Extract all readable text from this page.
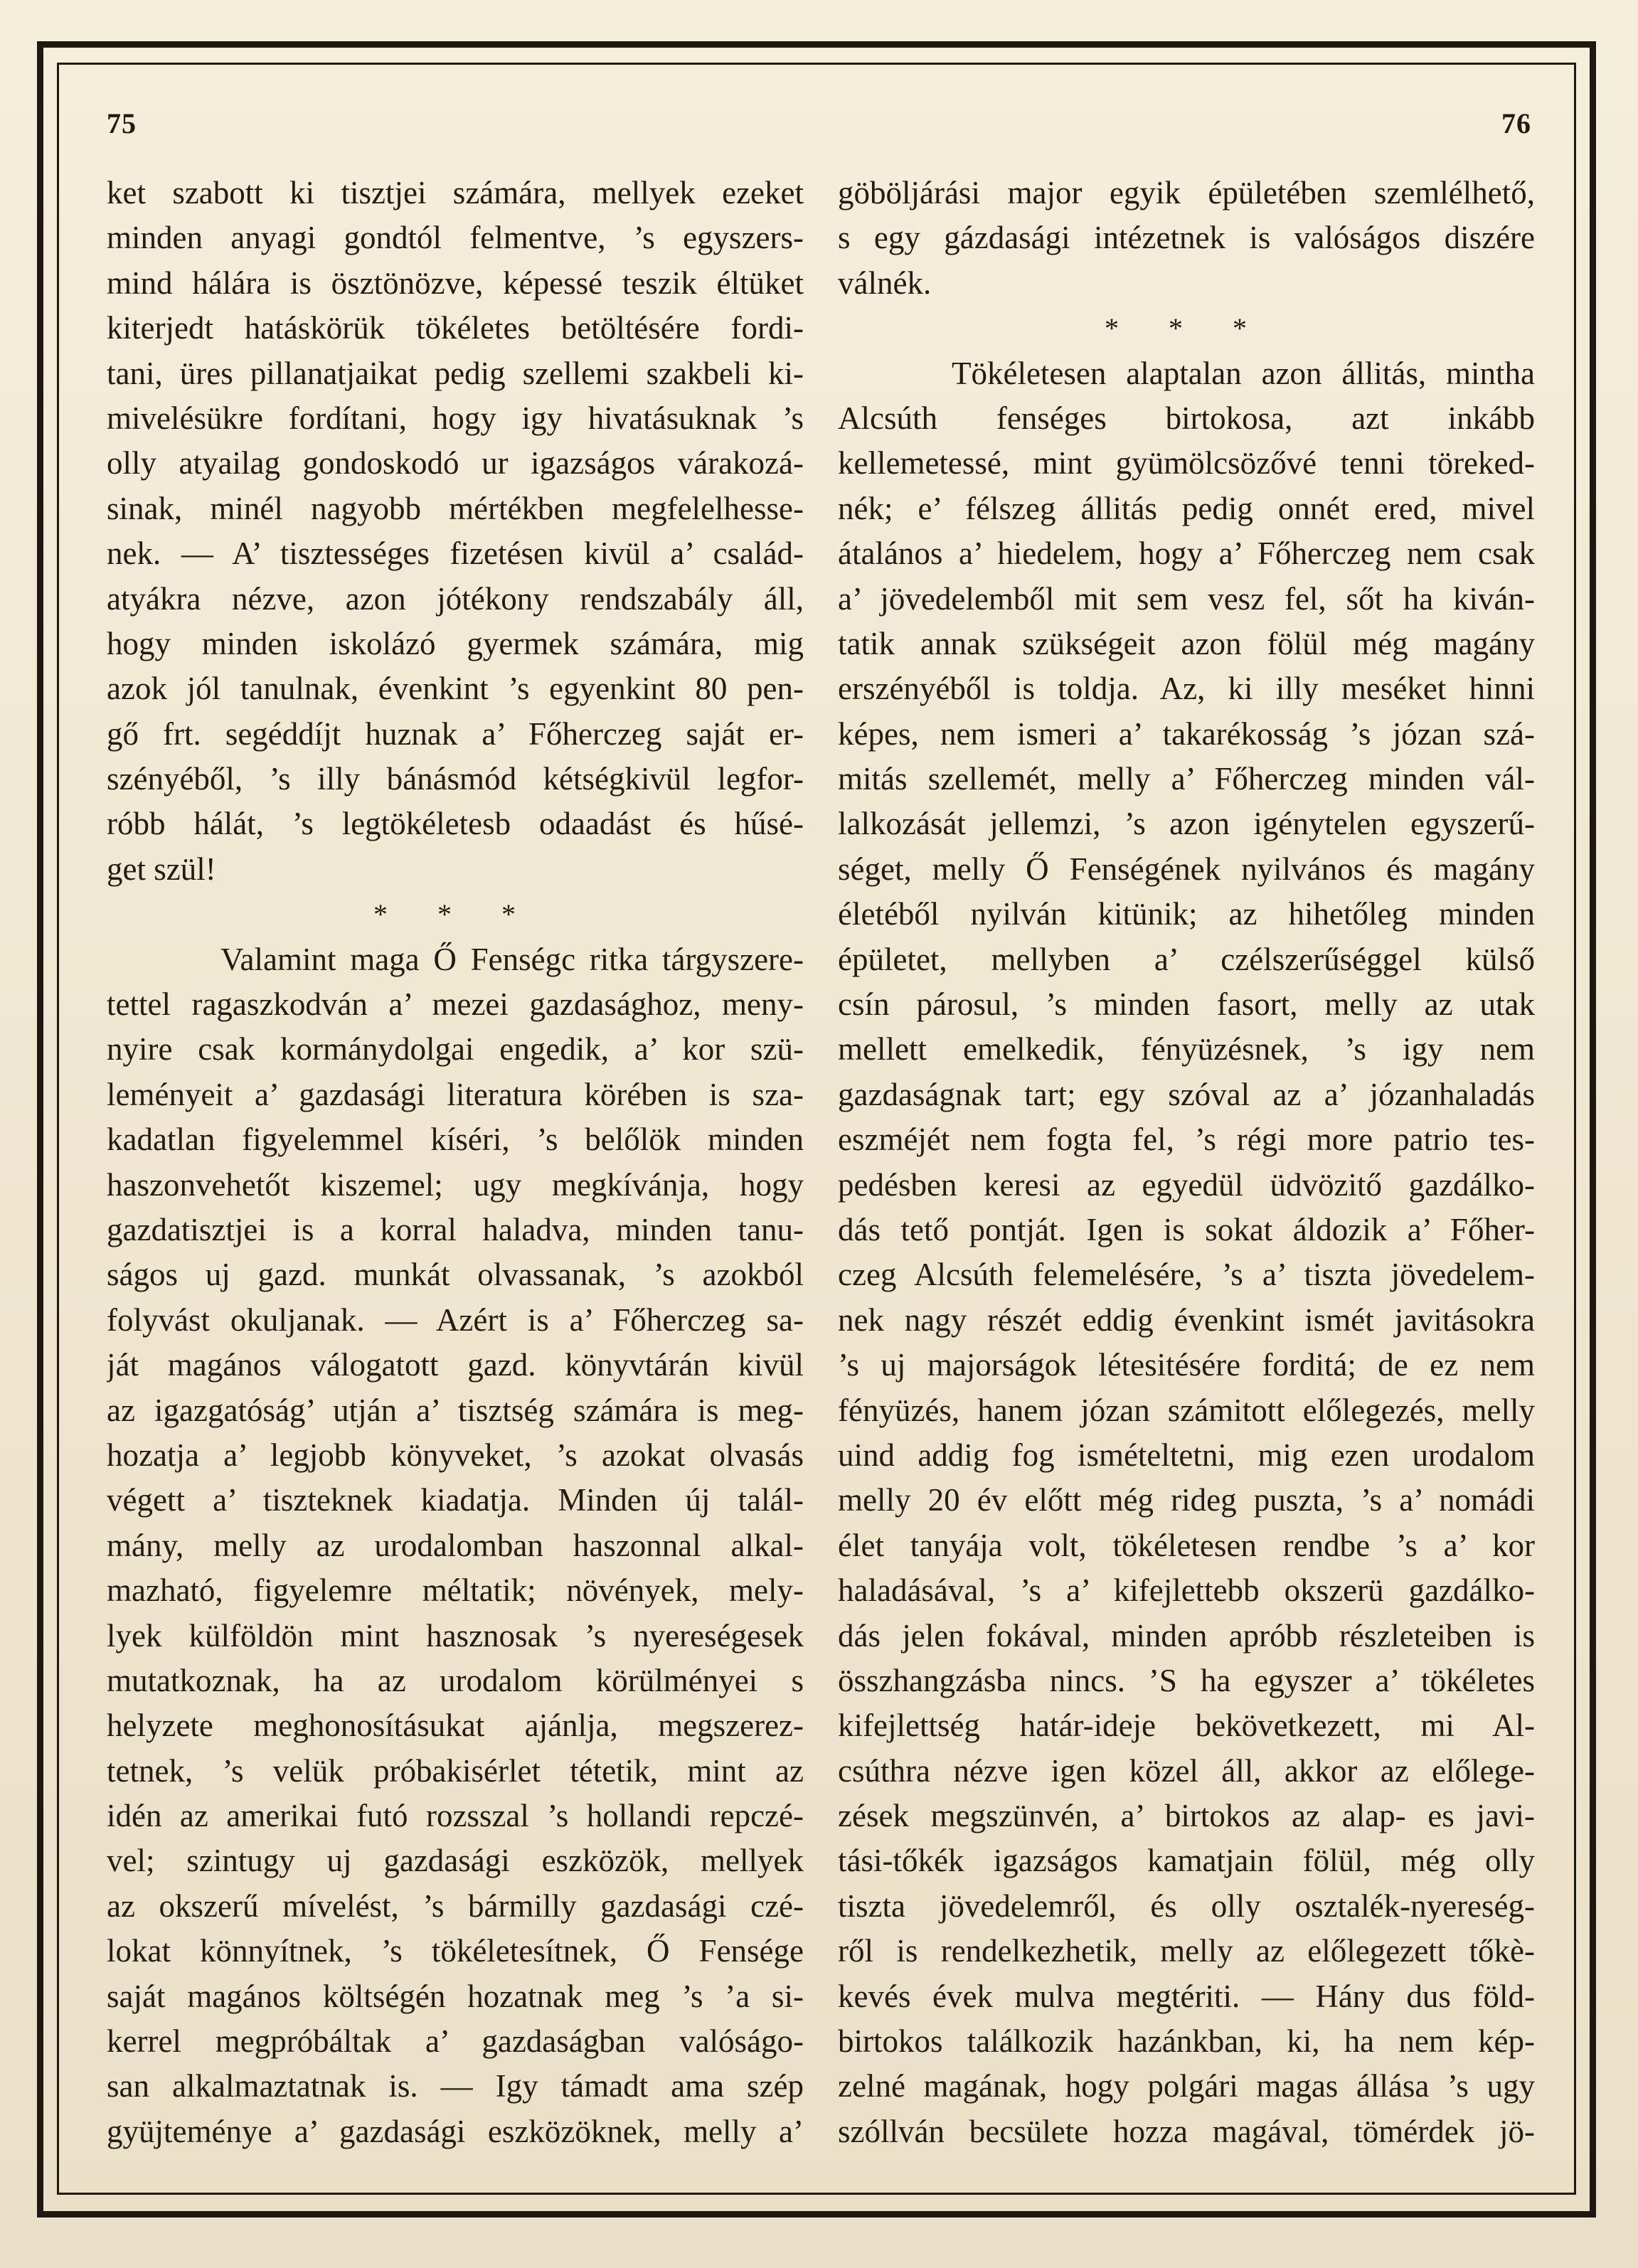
75	76
ket szabott ki tisztjei számára, mellyek ezeket
minden anyagi gondtól felmentve, ’s egyszers-
mind hálára is ösztönözve, képessé teszik éltüket
kiterjedt hatáskörük tökéletes betöltésére fordi-
tani, üres pillanatjaikat pedig szellemi szakbeli ki-
mivelésükre fordítani, hogy igy hivatásuknak ’s
olly atyailag gondoskodó ur igazságos várakozá-
sinak, minél nagyobb mértékben megfelelhesse-
nek. — A’ tisztességes fizetésen kivül a’ család-
atyákra nézve, azon jótékony rendszabály áll,
hogy minden iskolázó gyermek számára, mig
azok jól tanulnak, évenkint ’s egyenkint 80 pen-
gő frt. segéddíjt huznak a’ Főherczeg saját er-
szényéből, ’s illy bánásmód kétségkivül legfor-
róbb hálát, ’s legtökéletesb odaadást és hűsé-
get szül!
* * *
Valamint maga Ő Fenségc ritka tárgyszere-
tettel ragaszkodván a’ mezei gazdasághoz, meny-
nyire csak kormánydolgai engedik, a’ kor szü-
leményeit a’ gazdasági literatura körében is sza-
kadatlan figyelemmel kíséri, ’s belőlök minden
haszonvehetőt kiszemel; ugy megkívánja, hogy
gazdatisztjei is a korral haladva, minden tanu-
ságos uj gazd. munkát olvassanak, ’s azokból
folyvást okuljanak. — Azért is a’ Főherczeg sa-
ját magános válogatott gazd. könyvtárán kivül
az igazgatóság’ utján a’ tisztség számára is meg-
hozatja a’ legjobb könyveket, ’s azokat olvasás
végett a’ tiszteknek kiadatja. Minden új talál-
mány, melly az urodalomban haszonnal alkal-
mazható, figyelemre méltatik; növények, mely-
lyek külföldön mint hasznosak ’s nyereségesek
mutatkoznak, ha az urodalom körülményei s
helyzete meghonosításukat ajánlja, megszerez-
tetnek, ’s velük próbakisérlet tétetik, mint az
idén az amerikai futó rozsszal ’s hollandi repczé-
vel; szintugy uj gazdasági eszközök, mellyek
az okszerű mívelést, ’s bármilly gazdasági czé-
lokat könnyítnek, ’s tökéletesítnek, Ő Fensége
saját magános költségén hozatnak meg ’s ’a si-
kerrel megpróbáltak a’ gazdaságban valóságo-
san alkalmaztatnak is. — Igy támadt ama szép
gyüjteménye a’ gazdasági eszközöknek, melly a’
göböljárási major egyik épületében szemlélhető,
s egy gázdasági intézetnek is valóságos diszére
válnék.
* * *
Tökéletesen alaptalan azon állitás, mintha
Alcsúth fenséges birtokosa, azt inkább
kellemetessé, mint gyümölcsözővé tenni töreked-
nék; e’ félszeg állitás pedig onnét ered, mivel
átalános a’ hiedelem, hogy a’ Főherczeg nem csak
a’ jövedelemből mit sem vesz fel, sőt ha kiván-
tatik annak szükségeit azon fölül még magány
erszényéből is toldja. Az, ki illy meséket hinni
képes, nem ismeri a’ takarékosság ’s józan szá-
mitás szellemét, melly a’ Főherczeg minden vál-
lalkozását jellemzi, ’s azon igénytelen egyszerű-
séget, melly Ő Fenségének nyilvános és magány
életéből nyilván kitünik; az hihetőleg minden
épületet, mellyben a’ czélszerűséggel külső
csín párosul, ’s minden fasort, melly az utak
mellett emelkedik, fényüzésnek, ’s igy nem
gazdaságnak tart; egy szóval az a’ józanhaladás
eszméjét nem fogta fel, ’s régi more patrio tes-
pedésben keresi az egyedül üdvözitő gazdálko-
dás tető pontját. Igen is sokat áldozik a’ Főher-
czeg Alcsúth felemelésére, ’s a’ tiszta jövedelem-
nek nagy részét eddig évenkint ismét javitásokra
’s uj majorságok létesitésére forditá; de ez nem
fényüzés, hanem józan számitott előlegezés, melly
uind addig fog ismételtetni, mig ezen urodalom
melly 20 év előtt még rideg puszta, ’s a’ nomádi
élet tanyája volt, tökéletesen rendbe ’s a’ kor
haladásával, ’s a’ kifejlettebb okszerü gazdálko-
dás jelen fokával, minden apróbb részleteiben is
összhangzásba nincs. ’S ha egyszer a’ tökéletes
kifejlettség határ-ideje bekövetkezett, mi Al-
csúthra nézve igen közel áll, akkor az előlege-
zések megszünvén, a’ birtokos az alap- es javi-
tási-tőkék igazságos kamatjain fölül, még olly
tiszta jövedelemről, és olly osztalék-nyereség-
ről is rendelkezhetik, melly az előlegezett tőkè-
kevés évek mulva megtériti. — Hány dus föld-
birtokos találkozik hazánkban, ki, ha nem kép-
zelné magának, hogy polgári magas állása ’s ugy
szóllván becsülete hozza magával, tömérdek jö-
